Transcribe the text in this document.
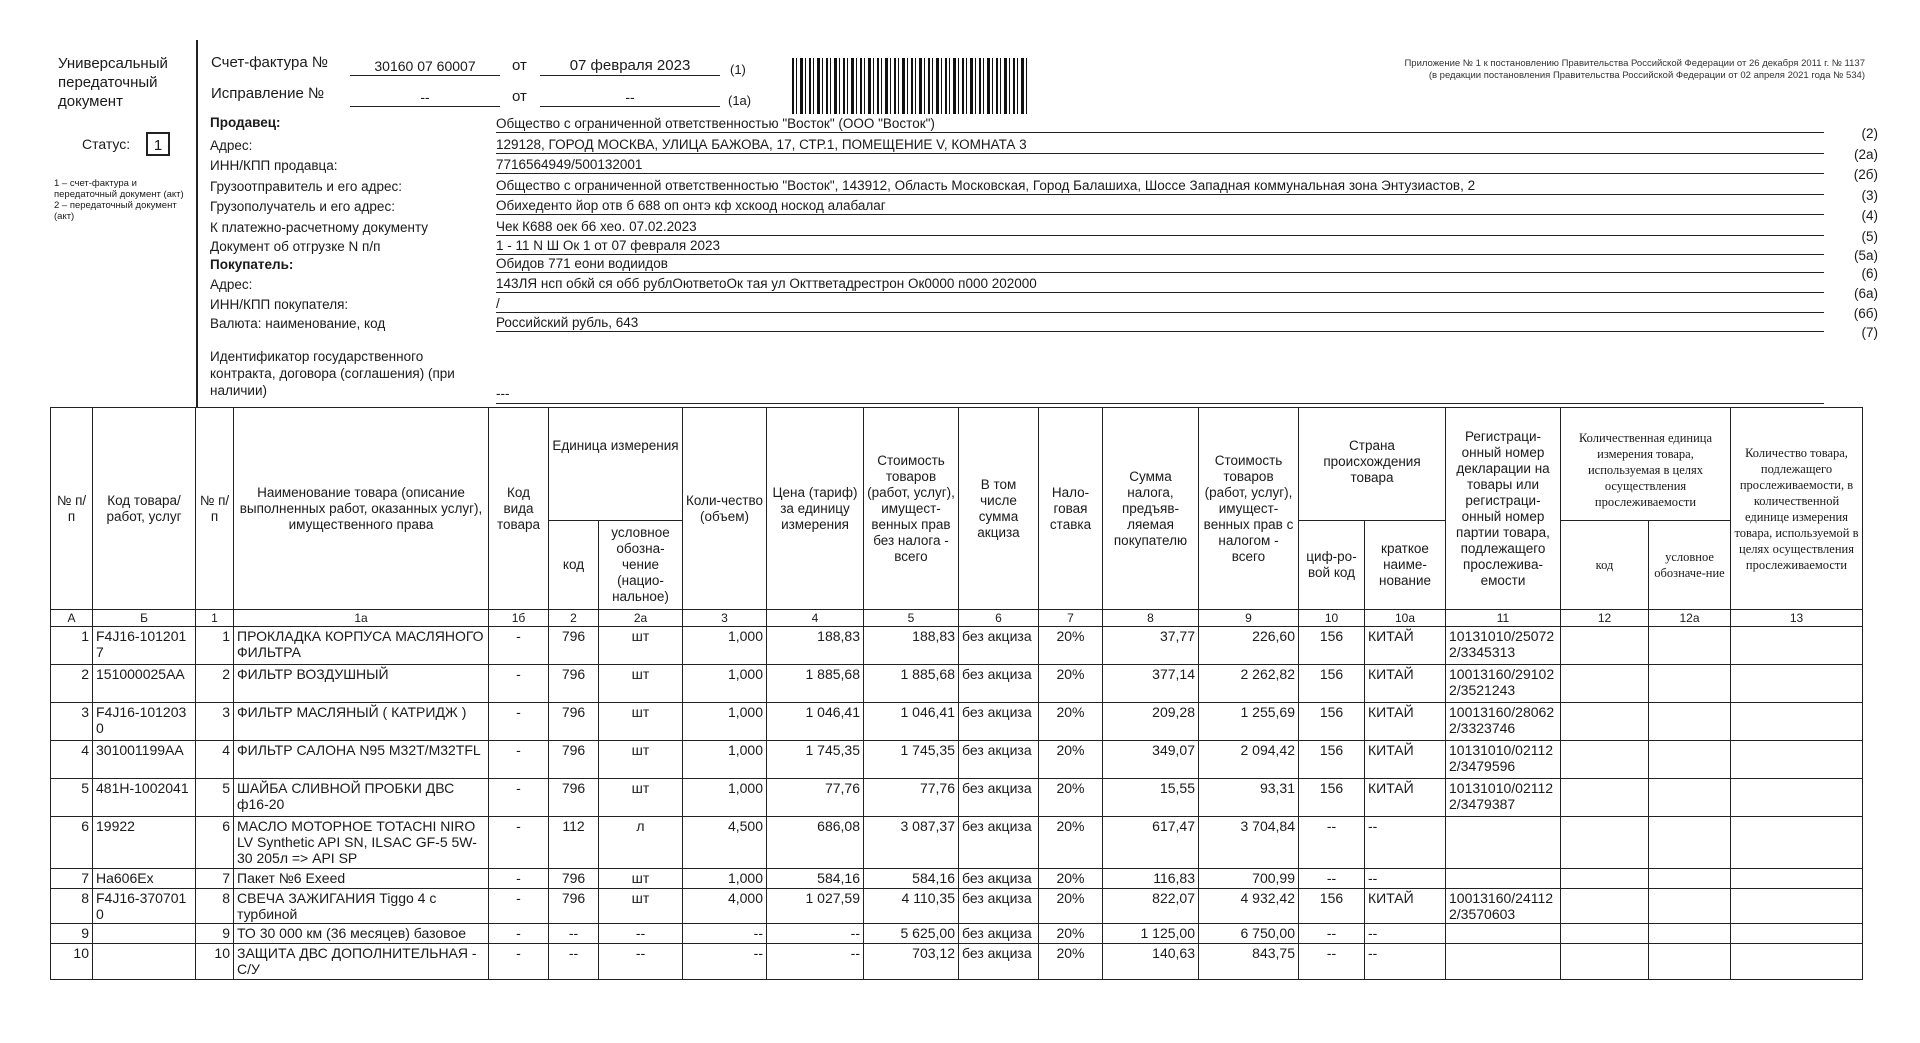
Универсальный передаточный документ
Статус:	1
1 – счет-фактура и передаточный документ (акт)
2 – передаточный документ (акт)
Счет-фактура №	30160 07 60007	от	07 февраля 2023	(1)
Исправление №	--	от	--	(1а)
Приложение № 1 к постановлению Правительства Российской Федерации от 26 декабря 2011 г. № 1137
(в редакции постановления Правительства Российской Федерации от 02 апреля 2021 года № 534)
Продавец:	Общество с ограниченной ответственностью "Восток" (ООО "Восток")
(2)
Адрес:	129128, ГОРОД МОСКВА, УЛИЦА БАЖОВА, 17, СТР.1, ПОМЕЩЕНИЕ V, КОМНАТА 3
(2а)
ИНН/КПП продавца:	7716564949/500132001
(2б)
Грузоотправитель и его адрес:	Общество с ограниченной ответственностью "Восток", 143912, Область Московская, Город Балашиха, Шоссе Западная коммунальная зона Энтузиастов, 2
(3)
Грузополучатель и его адрес:	Обихеденто йор отв б 688 оп онтэ кф хскоод носкод алабалаг
(4)
К платежно-расчетному документу	Чек К688 оек б6 хео. 07.02.2023
(5)
Документ об отгрузке N п/п	1 - 11 N Ш Ок 1 от 07 февраля 2023
(5а)
Покупатель:	Обидов 771 еони водиидов
(6)
Адрес:	143ЛЯ нсп обкй ся обб рублОютветоОк тая ул Окттветадрестрон Ок0000 п000 202000
(6а)
ИНН/КПП покупателя:	/
(6б)
Валюта: наименование, код	Российский рубль, 643
(7)
Идентификатор государственного контракта, договора (соглашения) (при наличии)	---
№ п/п	Код товара/ работ, услуг	№ п/п	Наименование товара (описание выполненных работ, оказанных услуг), имущественного права	Код вида товара	Единица измерения		Коли-чество (объем)	Цена (тариф) за единицу измерения	Стоимость товаров (работ, услуг), имущест-венных прав без налога - всего	В том числе сумма акциза	Нало-говая ставка	Сумма налога, предъяв-ляемая покупателю	Стоимость товаров (работ, услуг), имущест-венных прав с налогом - всего	Страна происхождения товара		Регистраци-онный номер декларации на товары или регистраци-онный номер партии товара, подлежащего прослежива-емости	Количественная единица измерения товара, используемая в целях осуществления прослеживаемости		Количество товара, подлежащего прослеживаемости, в количественной единице измерения товара, используемой в целях осуществления прослеживаемости
					код	условное обозна-чение (нацио-нальное)								циф-ро-вой код	краткое наиме-нование		код	условное обозначе-ние	
А	Б	1	1а	1б	2	2а	3	4	5	6	7	8	9	10	10а	11	12	12а	13
1	F4J16-101201 7	1	ПРОКЛАДКА КОРПУСА МАСЛЯНОГО ФИЛЬТРА	-	796	шт	1,000	188,83	188,83	без акциза	20%	37,77	226,60	156	КИТАЙ	10131010/25072 2/3345313			
2	151000025AA	2	ФИЛЬТР ВОЗДУШНЫЙ	-	796	шт	1,000	1 885,68	1 885,68	без акциза	20%	377,14	2 262,82	156	КИТАЙ	10013160/29102 2/3521243			
3	F4J16-101203 0	3	ФИЛЬТР МАСЛЯНЫЙ ( КАТРИДЖ )	-	796	шт	1,000	1 046,41	1 046,41	без акциза	20%	209,28	1 255,69	156	КИТАЙ	10013160/28062 2/3323746			
4	301001199AA	4	ФИЛЬТР САЛОНА N95 M32T/M32TFL	-	796	шт	1,000	1 745,35	1 745,35	без акциза	20%	349,07	2 094,42	156	КИТАЙ	10131010/02112 2/3479596			
5	481H-1002041	5	ШАЙБА СЛИВНОЙ ПРОБКИ ДВС ф16-20	-	796	шт	1,000	77,76	77,76	без акциза	20%	15,55	93,31	156	КИТАЙ	10131010/02112 2/3479387			
6	19922	6	МАСЛО МОТОРНОЕ TOTACHI NIRO LV Synthetic API SN, ILSAC GF-5 5W-30 205л => API SP	-	112	л	4,500	686,08	3 087,37	без акциза	20%	617,47	3 704,84	--	--				
7	На606Ex	7	Пакет №6 Exeed	-	796	шт	1,000	584,16	584,16	без акциза	20%	116,83	700,99	--	--				
8	F4J16-370701 0	8	СВЕЧА ЗАЖИГАНИЯ Tiggo 4 с турбиной	-	796	шт	4,000	1 027,59	4 110,35	без акциза	20%	822,07	4 932,42	156	КИТАЙ	10013160/24112 2/3570603			
9		9	ТО 30 000 км (36 месяцев) базовое	-	--	--	--	--	5 625,00	без акциза	20%	1 125,00	6 750,00	--	--				
10		10	ЗАЩИТА ДВС ДОПОЛНИТЕЛЬНАЯ - С/У	-	--	--	--	--	703,12	без акциза	20%	140,63	843,75	--	--				
